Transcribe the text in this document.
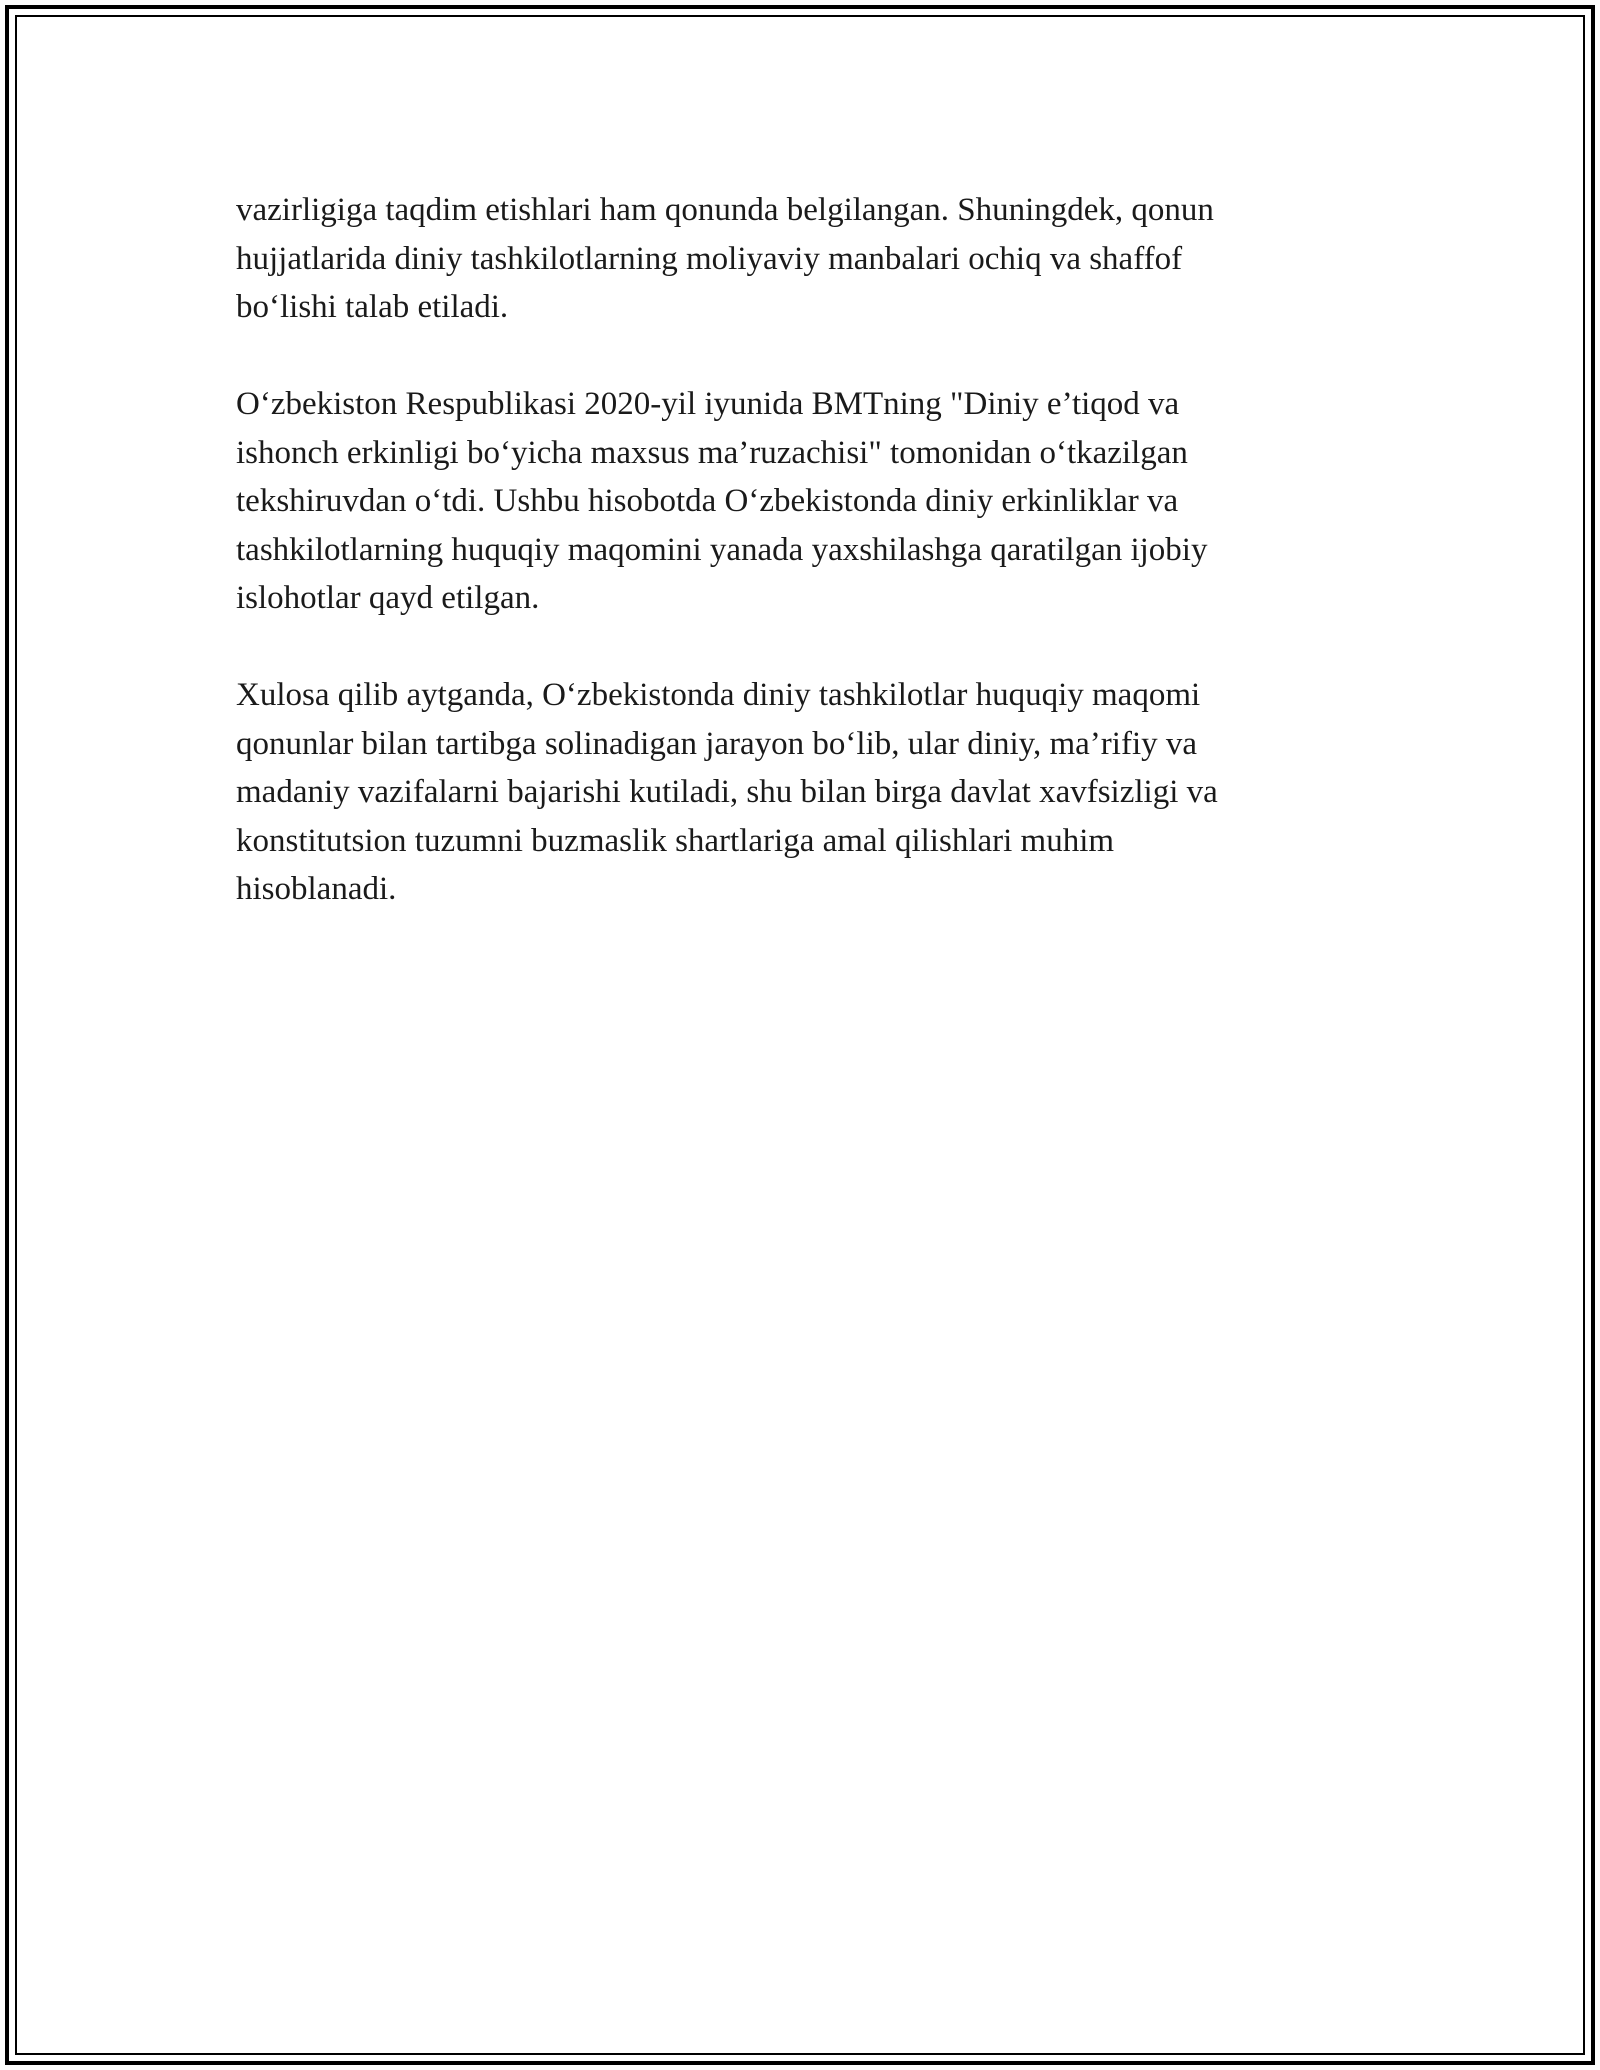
vazirligiga taqdim etishlari ham qonunda belgilangan. Shuningdek, qonun
hujjatlarida diniy tashkilotlarning moliyaviy manbalari ochiq va shaffof
bo‘lishi talab etiladi.

O‘zbekiston Respublikasi 2020-yil iyunida BMTning "Diniy e’tiqod va
ishonch erkinligi bo‘yicha maxsus ma’ruzachisi" tomonidan o‘tkazilgan
tekshiruvdan o‘tdi. Ushbu hisobotda O‘zbekistonda diniy erkinliklar va
tashkilotlarning huquqiy maqomini yanada yaxshilashga qaratilgan ijobiy
islohotlar qayd etilgan.

Xulosa qilib aytganda, O‘zbekistonda diniy tashkilotlar huquqiy maqomi
qonunlar bilan tartibga solinadigan jarayon bo‘lib, ular diniy, ma’rifiy va
madaniy vazifalarni bajarishi kutiladi, shu bilan birga davlat xavfsizligi va
konstitutsion tuzumni buzmaslik shartlariga amal qilishlari muhim
hisoblanadi.
